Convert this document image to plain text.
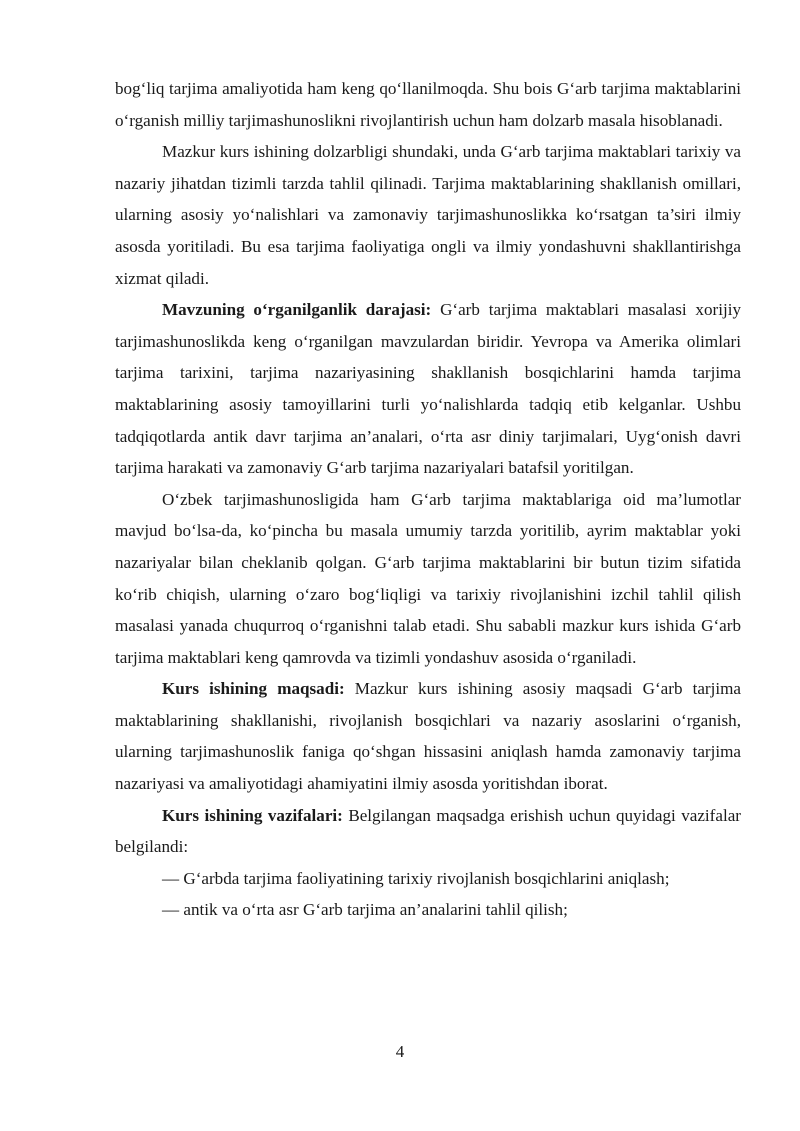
bog‘liq tarjima amaliyotida ham keng qo‘llanilmoqda. Shu bois G‘arb tarjima maktablarini o‘rganish milliy tarjimashunoslikni rivojlantirish uchun ham dolzarb masala hisoblanadi.

Mazkur kurs ishining dolzarbligi shundaki, unda G‘arb tarjima maktablari tarixiy va nazariy jihatdan tizimli tarzda tahlil qilinadi. Tarjima maktablarining shakllanish omillari, ularning asosiy yo‘nalishlari va zamonaviy tarjimashunoslikka ko‘rsatgan ta’siri ilmiy asosda yoritiladi. Bu esa tarjima faoliyatiga ongli va ilmiy yondashuvni shakllantirishga xizmat qiladi.

Mavzuning o‘rganilganlik darajasi: G‘arb tarjima maktablari masalasi xorijiy tarjimashunoslikda keng o‘rganilgan mavzulardan biridir. Yevropa va Amerika olimlari tarjima tarixini, tarjima nazariyasining shakllanish bosqichlarini hamda tarjima maktablarining asosiy tamoyillarini turli yo‘nalishlarda tadqiq etib kelganlar. Ushbu tadqiqotlarda antik davr tarjima an’analari, o‘rta asr diniy tarjimalari, Uyg‘onish davri tarjima harakati va zamonaviy G‘arb tarjima nazariyalari batafsil yoritilgan.

O‘zbek tarjimashunosligida ham G‘arb tarjima maktablariga oid ma’lumotlar mavjud bo‘lsa-da, ko‘pincha bu masala umumiy tarzda yoritilib, ayrim maktablar yoki nazariyalar bilan cheklanib qolgan. G‘arb tarjima maktablarini bir butun tizim sifatida ko‘rib chiqish, ularning o‘zaro bog‘liqligi va tarixiy rivojlanishini izchil tahlil qilish masalasi yanada chuqurroq o‘rganishni talab etadi. Shu sababli mazkur kurs ishida G‘arb tarjima maktablari keng qamrovda va tizimli yondashuv asosida o‘rganiladi.

Kurs ishining maqsadi: Mazkur kurs ishining asosiy maqsadi G‘arb tarjima maktablarining shakllanishi, rivojlanish bosqichlari va nazariy asoslarini o‘rganish, ularning tarjimashunoslik faniga qo‘shgan hissasini aniqlash hamda zamonaviy tarjima nazariyasi va amaliyotidagi ahamiyatini ilmiy asosda yoritishdan iborat.

Kurs ishining vazifalari: Belgilangan maqsadga erishish uchun quyidagi vazifalar belgilandi:

— G‘arbda tarjima faoliyatining tarixiy rivojlanish bosqichlarini aniqlash;

— antik va o‘rta asr G‘arb tarjima an’analarini tahlil qilish;

4
